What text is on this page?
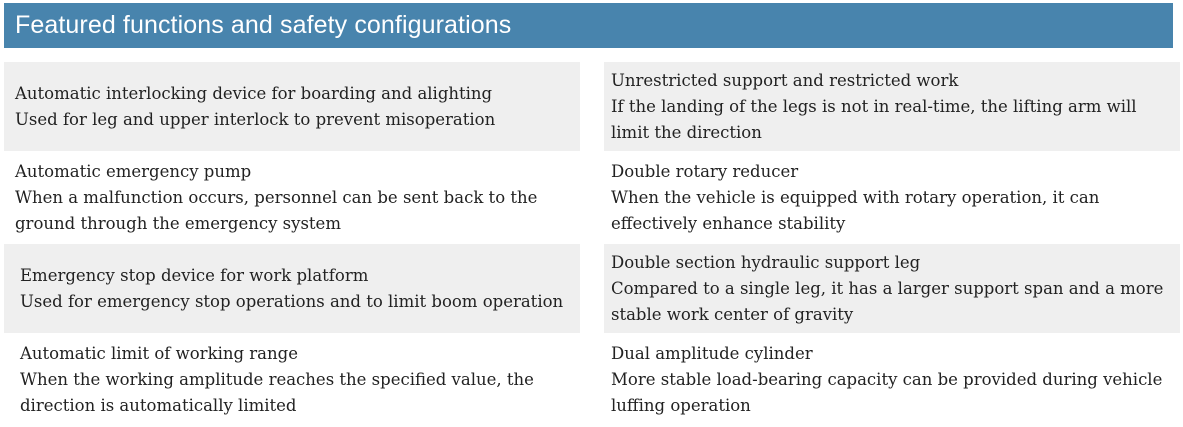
Featured functions and safety configurations
Automatic interlocking device for boarding and alighting
Used for leg and upper interlock to prevent misoperation
Unrestricted support and restricted work
If the landing of the legs is not in real-time, the lifting arm will limit the direction
Automatic emergency pump
When a malfunction occurs, personnel can be sent back to the ground through the emergency system
Double rotary reducer
When the vehicle is equipped with rotary operation, it can effectively enhance stability
Emergency stop device for work platform
Used for emergency stop operations and to limit boom operation
Double section hydraulic support leg
Compared to a single leg, it has a larger support span and a more stable work center of gravity
Automatic limit of working range
When the working amplitude reaches the specified value, the direction is automatically limited
Dual amplitude cylinder
More stable load-bearing capacity can be provided during vehicle luffing operation
